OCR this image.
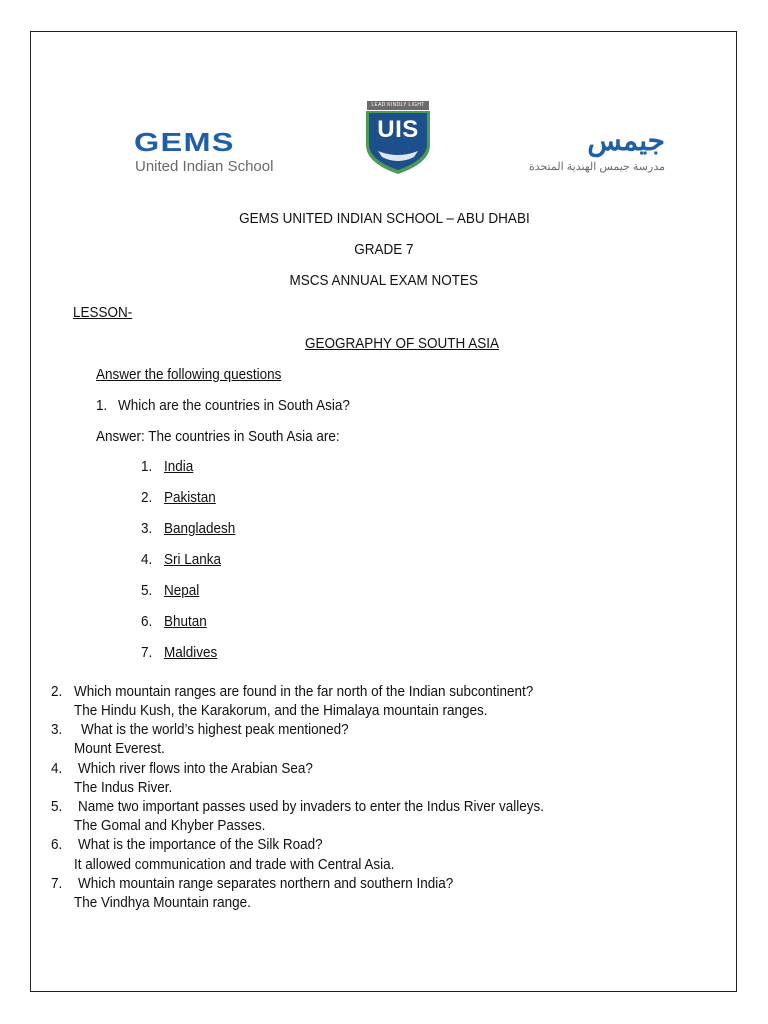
GEMS
United Indian School
LEAD KINDLY LIGHT
UIS	جيمس
مدرسة جيمس الهندية المتحدة
GEMS UNITED INDIAN SCHOOL – ABU DHABI
GRADE 7
MSCS ANNUAL EXAM NOTES
LESSON-
GEOGRAPHY OF SOUTH ASIA
Answer the following questions
1. Which are the countries in South Asia?
Answer: The countries in South Asia are:
1. India
2. Pakistan
3. Bangladesh
4. Sri Lanka
5. Nepal
6. Bhutan
7. Maldives
2. Which mountain ranges are found in the far north of the Indian subcontinent?
The Hindu Kush, the Karakorum, and the Himalaya mountain ranges.
3. What is the world’s highest peak mentioned?
Mount Everest.
4. Which river flows into the Arabian Sea?
The Indus River.
5. Name two important passes used by invaders to enter the Indus River valleys.
The Gomal and Khyber Passes.
6. What is the importance of the Silk Road?
It allowed communication and trade with Central Asia.
7. Which mountain range separates northern and southern India?
The Vindhya Mountain range.
